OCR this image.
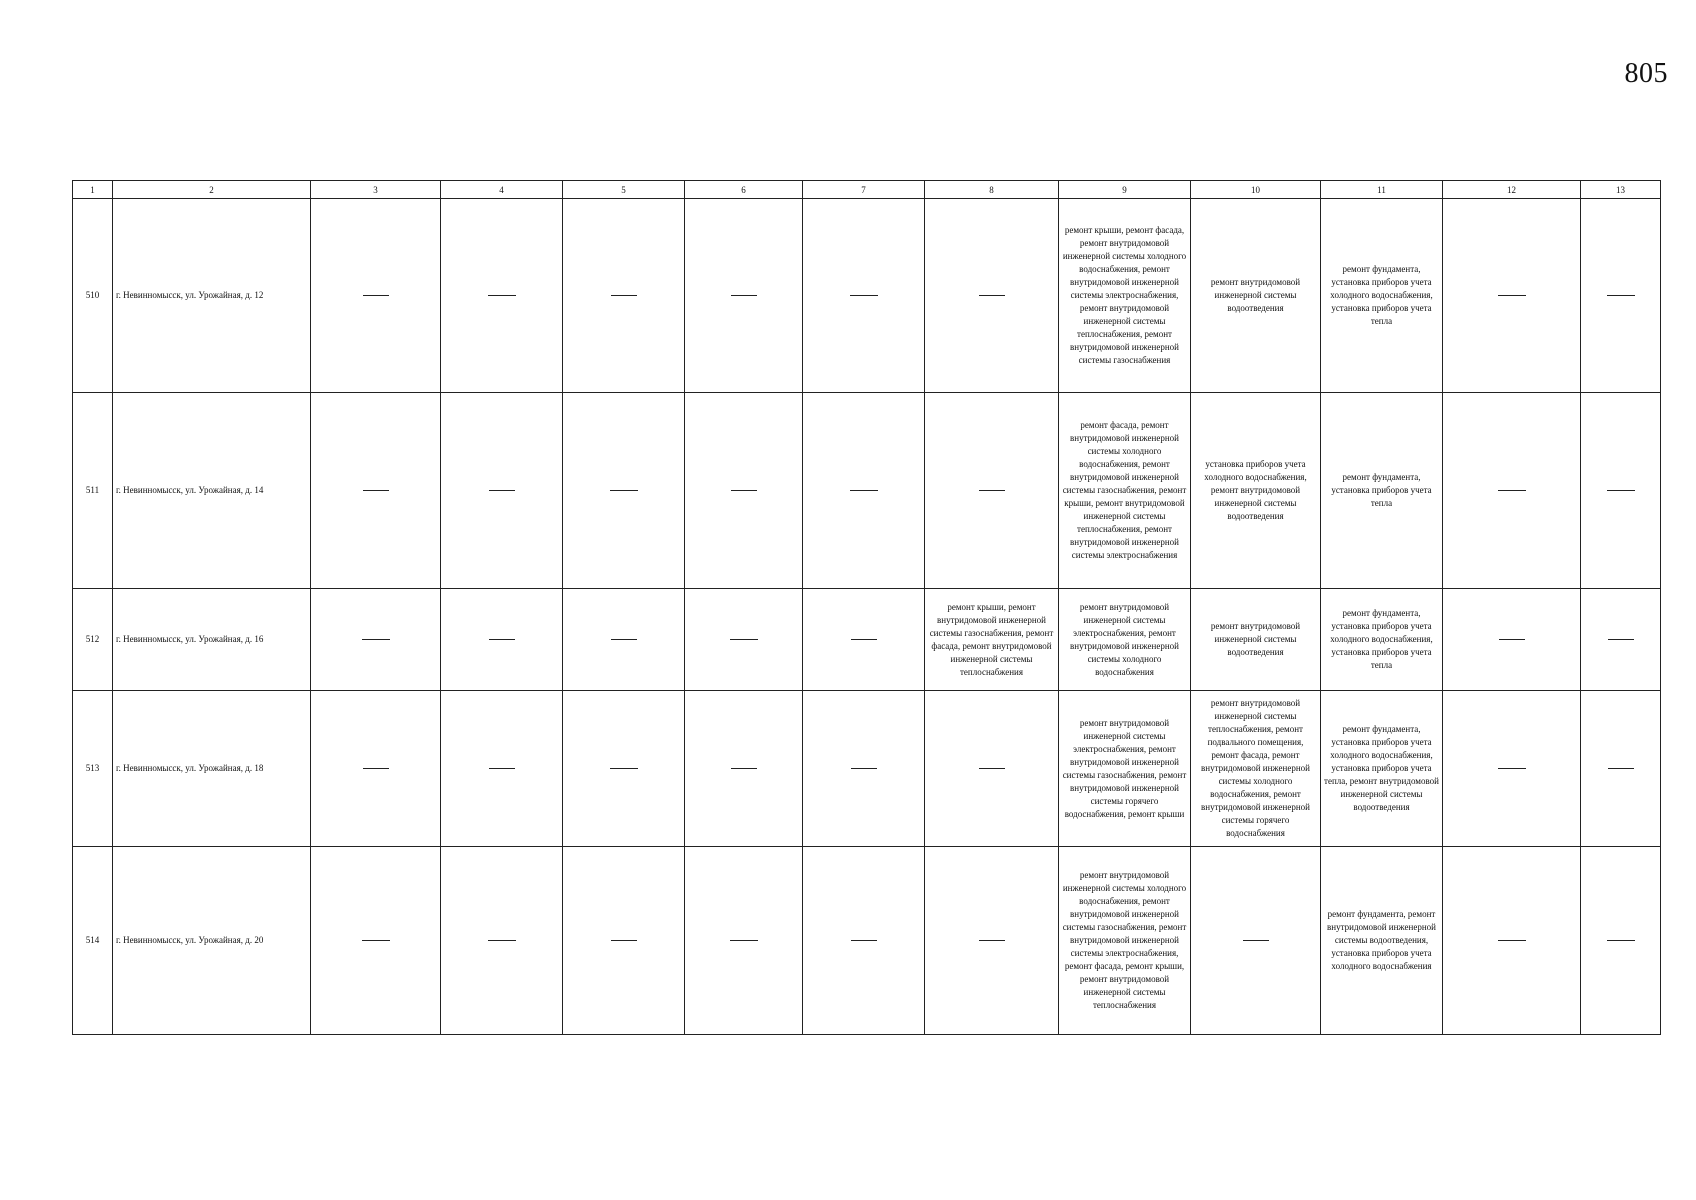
805
1	2	3	4	5	6	7	8	9	10	11	12	13
510	г. Невинномысск, ул. Урожайная, д. 12							ремонт крыши, ремонт фасада, ремонт внутридомовой инженерной системы холодного водоснабжения, ремонт внутридомовой инженерной системы электроснабжения, ремонт внутридомовой инженерной системы теплоснабжения, ремонт внутридомовой инженерной системы газоснабжения	ремонт внутридомовой инженерной системы водоотведения	ремонт фундамента, установка приборов учета холодного водоснабжения, установка приборов учета тепла		
511	г. Невинномысск, ул. Урожайная, д. 14							ремонт фасада, ремонт внутридомовой инженерной системы холодного водоснабжения, ремонт внутридомовой инженерной системы газоснабжения, ремонт крыши, ремонт внутридомовой инженерной системы теплоснабжения, ремонт внутридомовой инженерной системы электроснабжения	установка приборов учета холодного водоснабжения, ремонт внутридомовой инженерной системы водоотведения	ремонт фундамента, установка приборов учета тепла		
512	г. Невинномысск, ул. Урожайная, д. 16						ремонт крыши, ремонт внутридомовой инженерной системы газоснабжения, ремонт фасада, ремонт внутридомовой инженерной системы теплоснабжения	ремонт внутридомовой инженерной системы электроснабжения, ремонт внутридомовой инженерной системы холодного водоснабжения	ремонт внутридомовой инженерной системы водоотведения	ремонт фундамента, установка приборов учета холодного водоснабжения, установка приборов учета тепла		
513	г. Невинномысск, ул. Урожайная, д. 18							ремонт внутридомовой инженерной системы электроснабжения, ремонт внутридомовой инженерной системы газоснабжения, ремонт внутридомовой инженерной системы горячего водоснабжения, ремонт крыши	ремонт внутридомовой инженерной системы теплоснабжения, ремонт подвального помещения, ремонт фасада, ремонт внутридомовой инженерной системы холодного водоснабжения, ремонт внутридомовой инженерной системы горячего водоснабжения	ремонт фундамента, установка приборов учета холодного водоснабжения, установка приборов учета тепла, ремонт внутридомовой инженерной системы водоотведения		
514	г. Невинномысск, ул. Урожайная, д. 20							ремонт внутридомовой инженерной системы холодного водоснабжения, ремонт внутридомовой инженерной системы газоснабжения, ремонт внутридомовой инженерной системы электроснабжения, ремонт фасада, ремонт крыши, ремонт внутридомовой инженерной системы теплоснабжения		ремонт фундамента, ремонт внутридомовой инженерной системы водоотведения, установка приборов учета холодного водоснабжения		
